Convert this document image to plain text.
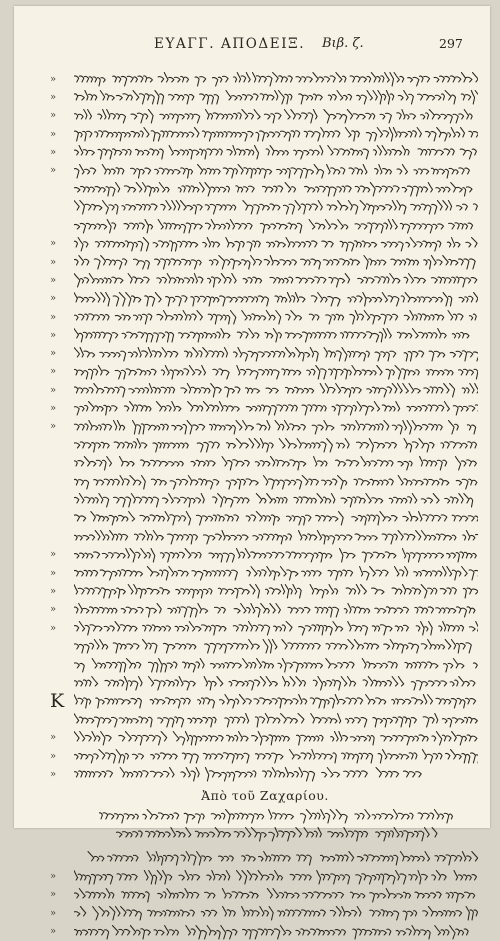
ΕΥΑΓΓ. ΑΠΟΔΕΙΞ. Βιβ. ζ.	297
»
»
»
»
»
»
»
»
»
»
»
»
»
»
»
»
»
»
»
»
»
»
»
»
»
Ἀπὸ τοῦ Ζαχαρίου.
»
»
»
»
Κ
